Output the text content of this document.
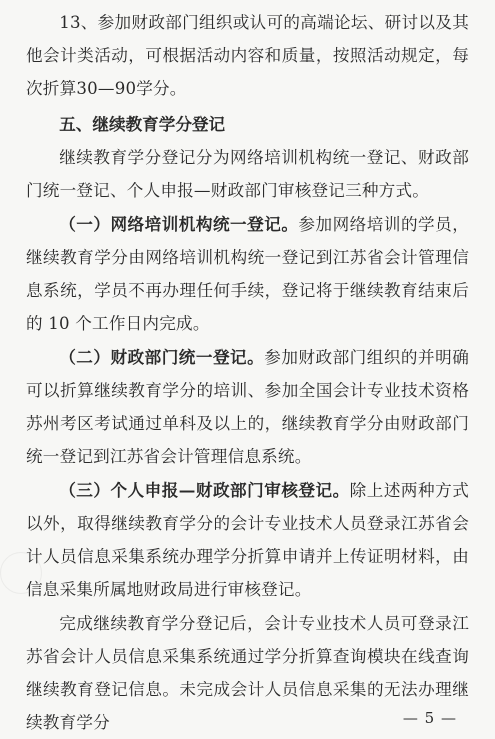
13、参加财政部门组织或认可的高端论坛、研讨以及其他会计类活动，可根据活动内容和质量，按照活动规定，每次折算30—90学分。

五、继续教育学分登记

继续教育学分登记分为网络培训机构统一登记、财政部门统一登记、个人申报—财政部门审核登记三种方式。

（一）网络培训机构统一登记。参加网络培训的学员，继续教育学分由网络培训机构统一登记到江苏省会计管理信息系统，学员不再办理任何手续，登记将于继续教育结束后的 10 个工作日内完成。

（二）财政部门统一登记。参加财政部门组织的并明确可以折算继续教育学分的培训、参加全国会计专业技术资格苏州考区考试通过单科及以上的，继续教育学分由财政部门统一登记到江苏省会计管理信息系统。

（三）个人申报—财政部门审核登记。除上述两种方式以外，取得继续教育学分的会计专业技术人员登录江苏省会计人员信息采集系统办理学分折算申请并上传证明材料，由信息采集所属地财政局进行审核登记。

完成继续教育学分登记后，会计专业技术人员可登录江苏省会计人员信息采集系统通过学分折算查询模块在线查询继续教育登记信息。未完成会计人员信息采集的无法办理继续教育学分	— 5 —
